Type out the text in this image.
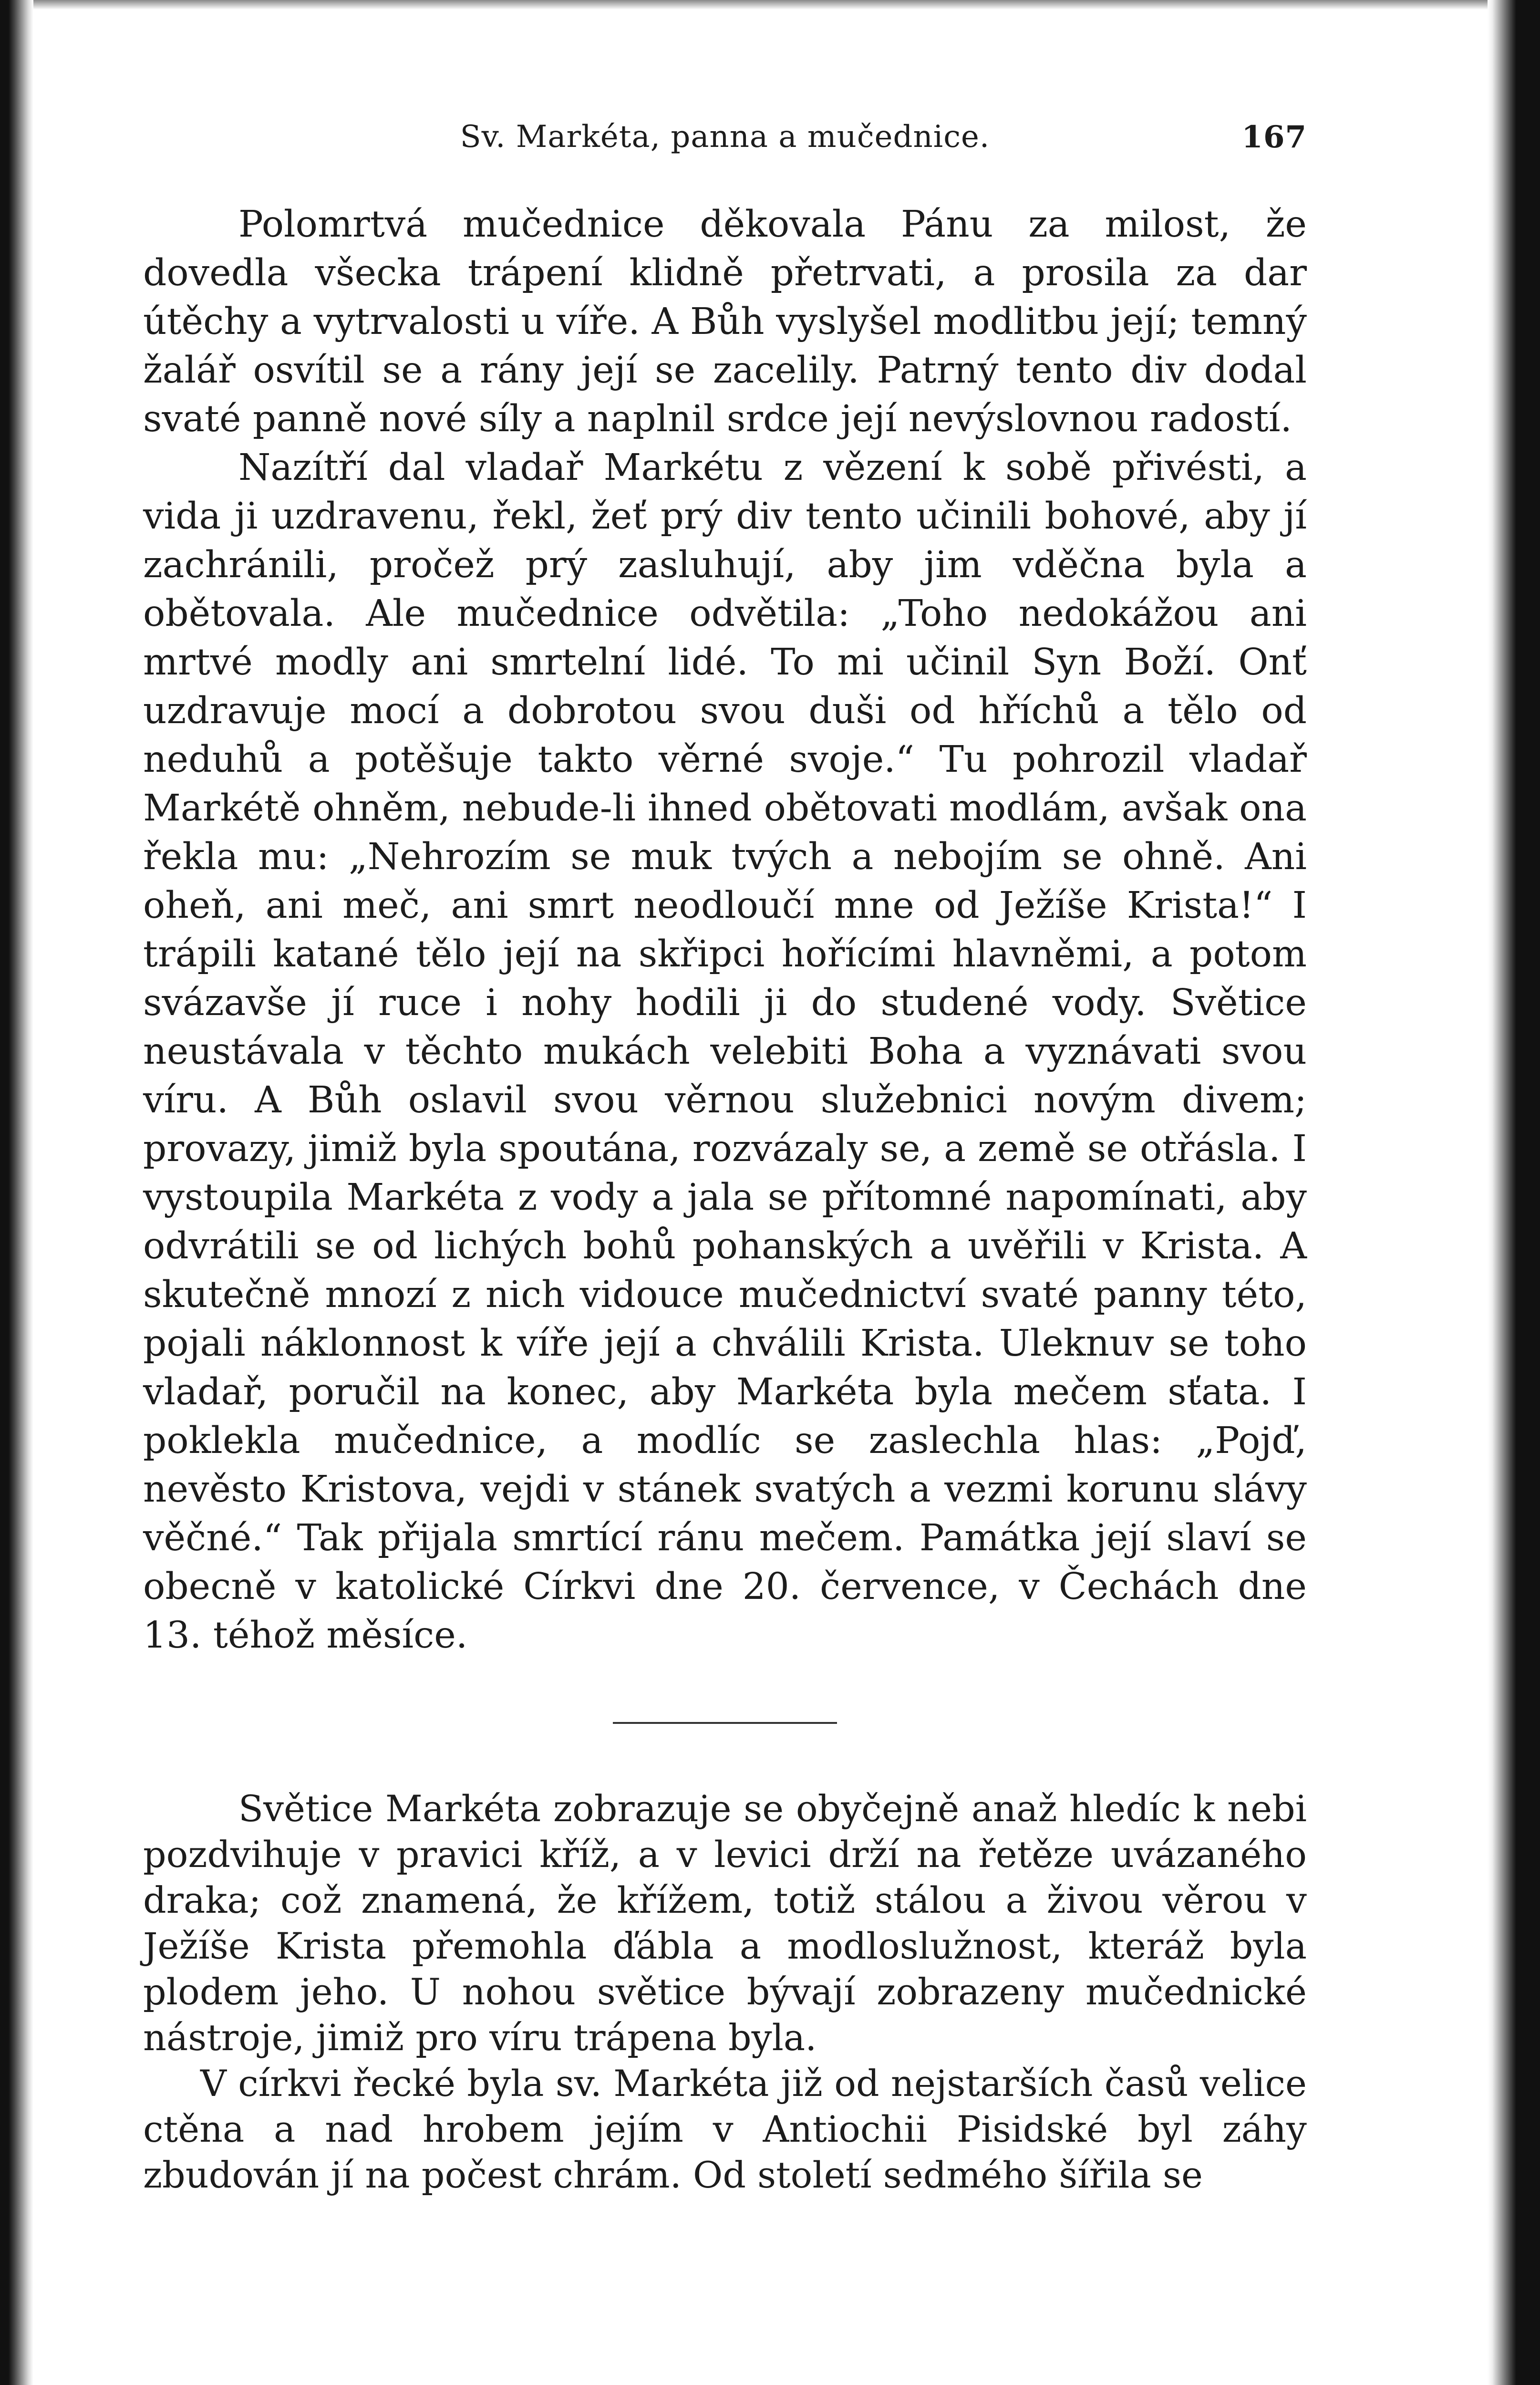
Sv. Markéta, panna a mučednice.	167

Polomrtvá mučednice děkovala Pánu za milost, že dovedla všecka trápení klidně přetrvati, a prosila za dar útěchy a vytrvalosti u víře. A Bůh vyslyšel modlitbu její; temný žalář osvítil se a rány její se zacelily. Patrný tento div dodal svaté panně nové síly a naplnil srdce její nevýslovnou radostí.

Nazítří dal vladař Markétu z vězení k sobě přivésti, a vida ji uzdravenu, řekl, žeť prý div tento učinili bohové, aby jí zachránili, pročež prý zasluhují, aby jim vděčna byla a obětovala. Ale mučednice odvětila: „Toho nedokážou ani mrtvé modly ani smrtelní lidé. To mi učinil Syn Boží. Onť uzdravuje mocí a dobrotou svou duši od hříchů a tělo od neduhů a potěšuje takto věrné svoje.“ Tu pohrozil vladař Markétě ohněm, nebude-li ihned obětovati modlám, avšak ona řekla mu: „Nehrozím se muk tvých a nebojím se ohně. Ani oheň, ani meč, ani smrt neodloučí mne od Ježíše Krista!“ I trápili katané tělo její na skřipci hořícími hlavněmi, a potom svázavše jí ruce i nohy hodili ji do studené vody. Světice neustávala v těchto mukách velebiti Boha a vyznávati svou víru. A Bůh oslavil svou věrnou služebnici novým divem; provazy, jimiž byla spoutána, rozvázaly se, a země se otřásla. I vystoupila Markéta z vody a jala se přítomné napomínati, aby odvrátili se od lichých bohů pohanských a uvěřili v Krista. A skutečně mnozí z nich vidouce mučednictví svaté panny této, pojali náklonnost k víře její a chválili Krista. Uleknuv se toho vladař, poručil na konec, aby Markéta byla mečem sťata. I poklekla mučednice, a modlíc se zaslechla hlas: „Pojď, nevěsto Kristova, vejdi v stánek svatých a vezmi korunu slávy věčné.“ Tak přijala smrtící ránu mečem. Památka její slaví se obecně v katolické Církvi dne 20. července, v Čechách dne 13. téhož měsíce.

Světice Markéta zobrazuje se obyčejně anaž hledíc k nebi pozdvihuje v pravici kříž, a v levici drží na řetěze uvázaného draka; což znamená, že křížem, totiž stálou a živou věrou v Ježíše Krista přemohla ďábla a modloslužnost, kteráž byla plodem jeho. U nohou světice bývají zobrazeny mučednické nástroje, jimiž pro víru trápena byla.

V církvi řecké byla sv. Markéta již od nejstarších časů velice ctěna a nad hrobem jejím v Antiochii Pisidské byl záhy zbudován jí na počest chrám. Od století sedmého šířila se
